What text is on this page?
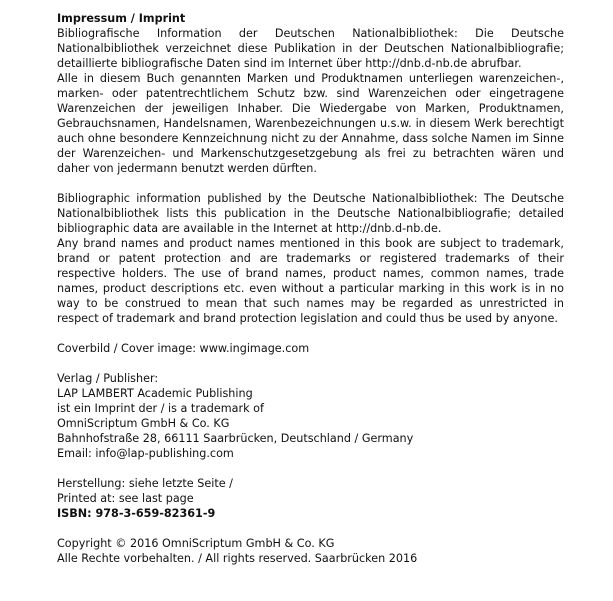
Impressum / Imprint

Bibliografische Information der Deutschen Nationalbibliothek: Die Deutsche Nationalbibliothek verzeichnet diese Publikation in der Deutschen Nationalbibliografie; detaillierte bibliografische Daten sind im Internet über http://dnb.d-nb.de abrufbar.

Alle in diesem Buch genannten Marken und Produktnamen unterliegen warenzeichen-, marken- oder patentrechtlichem Schutz bzw. sind Warenzeichen oder eingetragene Warenzeichen der jeweiligen Inhaber. Die Wiedergabe von Marken, Produktnamen, Gebrauchsnamen, Handelsnamen, Warenbezeichnungen u.s.w. in diesem Werk berechtigt auch ohne besondere Kennzeichnung nicht zu der Annahme, dass solche Namen im Sinne der Warenzeichen- und Markenschutzgesetzgebung als frei zu betrachten wären und daher von jedermann benutzt werden dürften.

Bibliographic information published by the Deutsche Nationalbibliothek: The Deutsche Nationalbibliothek lists this publication in the Deutsche Nationalbibliografie; detailed bibliographic data are available in the Internet at http://dnb.d-nb.de.

Any brand names and product names mentioned in this book are subject to trademark, brand or patent protection and are trademarks or registered trademarks of their respective holders. The use of brand names, product names, common names, trade names, product descriptions etc. even without a particular marking in this work is in no way to be construed to mean that such names may be regarded as unrestricted in respect of trademark and brand protection legislation and could thus be used by anyone.

Coverbild / Cover image: www.ingimage.com
Verlag / Publisher:
LAP LAMBERT Academic Publishing
ist ein Imprint der / is a trademark of
OmniScriptum GmbH & Co. KG
Bahnhofstraße 28, 66111 Saarbrücken, Deutschland / Germany
Email: info@lap-publishing.com
Herstellung: siehe letzte Seite /
Printed at: see last page
ISBN: 978-3-659-82361-9
Copyright © 2016 OmniScriptum GmbH & Co. KG
Alle Rechte vorbehalten. / All rights reserved. Saarbrücken 2016
